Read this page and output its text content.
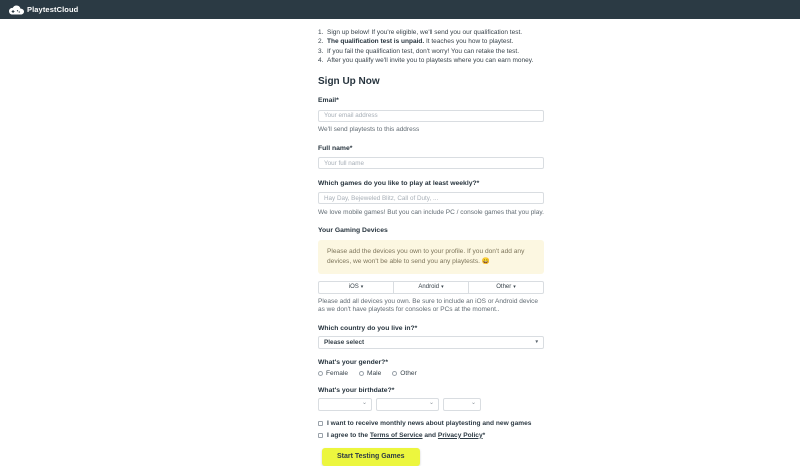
PlaytestCloud
1. Sign up below! If you're eligible, we'll send you our qualification test.
2. The qualification test is unpaid. It teaches you how to playtest.
3. If you fail the qualification test, don't worry! You can retake the test.
4. After you qualify we'll invite you to playtests where you can earn money.
Sign Up Now
Email*
Your email address
We'll send playtests to this address
Full name*
Your full name
Which games do you like to play at least weekly?*
Hay Day, Bejeweled Blitz, Call of Duty, ...
We love mobile games! But you can include PC / console games that you play.
Your Gaming Devices
Please add the devices you own to your profile. If you don't add any devices, we won't be able to send you any playtests. 😄
iOS ▾	Android ▾	Other ▾
Please add all devices you own. Be sure to include an iOS or Android device as we don't have playtests for consoles or PCs at the moment..
Which country do you live in?*
Please select	▾
What's your gender?*
Female	Male	Other
What's your birthdate?*
⌄	⌄	⌄
I want to receive monthly news about playtesting and new games
I agree to the Terms of Service and Privacy Policy*
Start Testing Games
